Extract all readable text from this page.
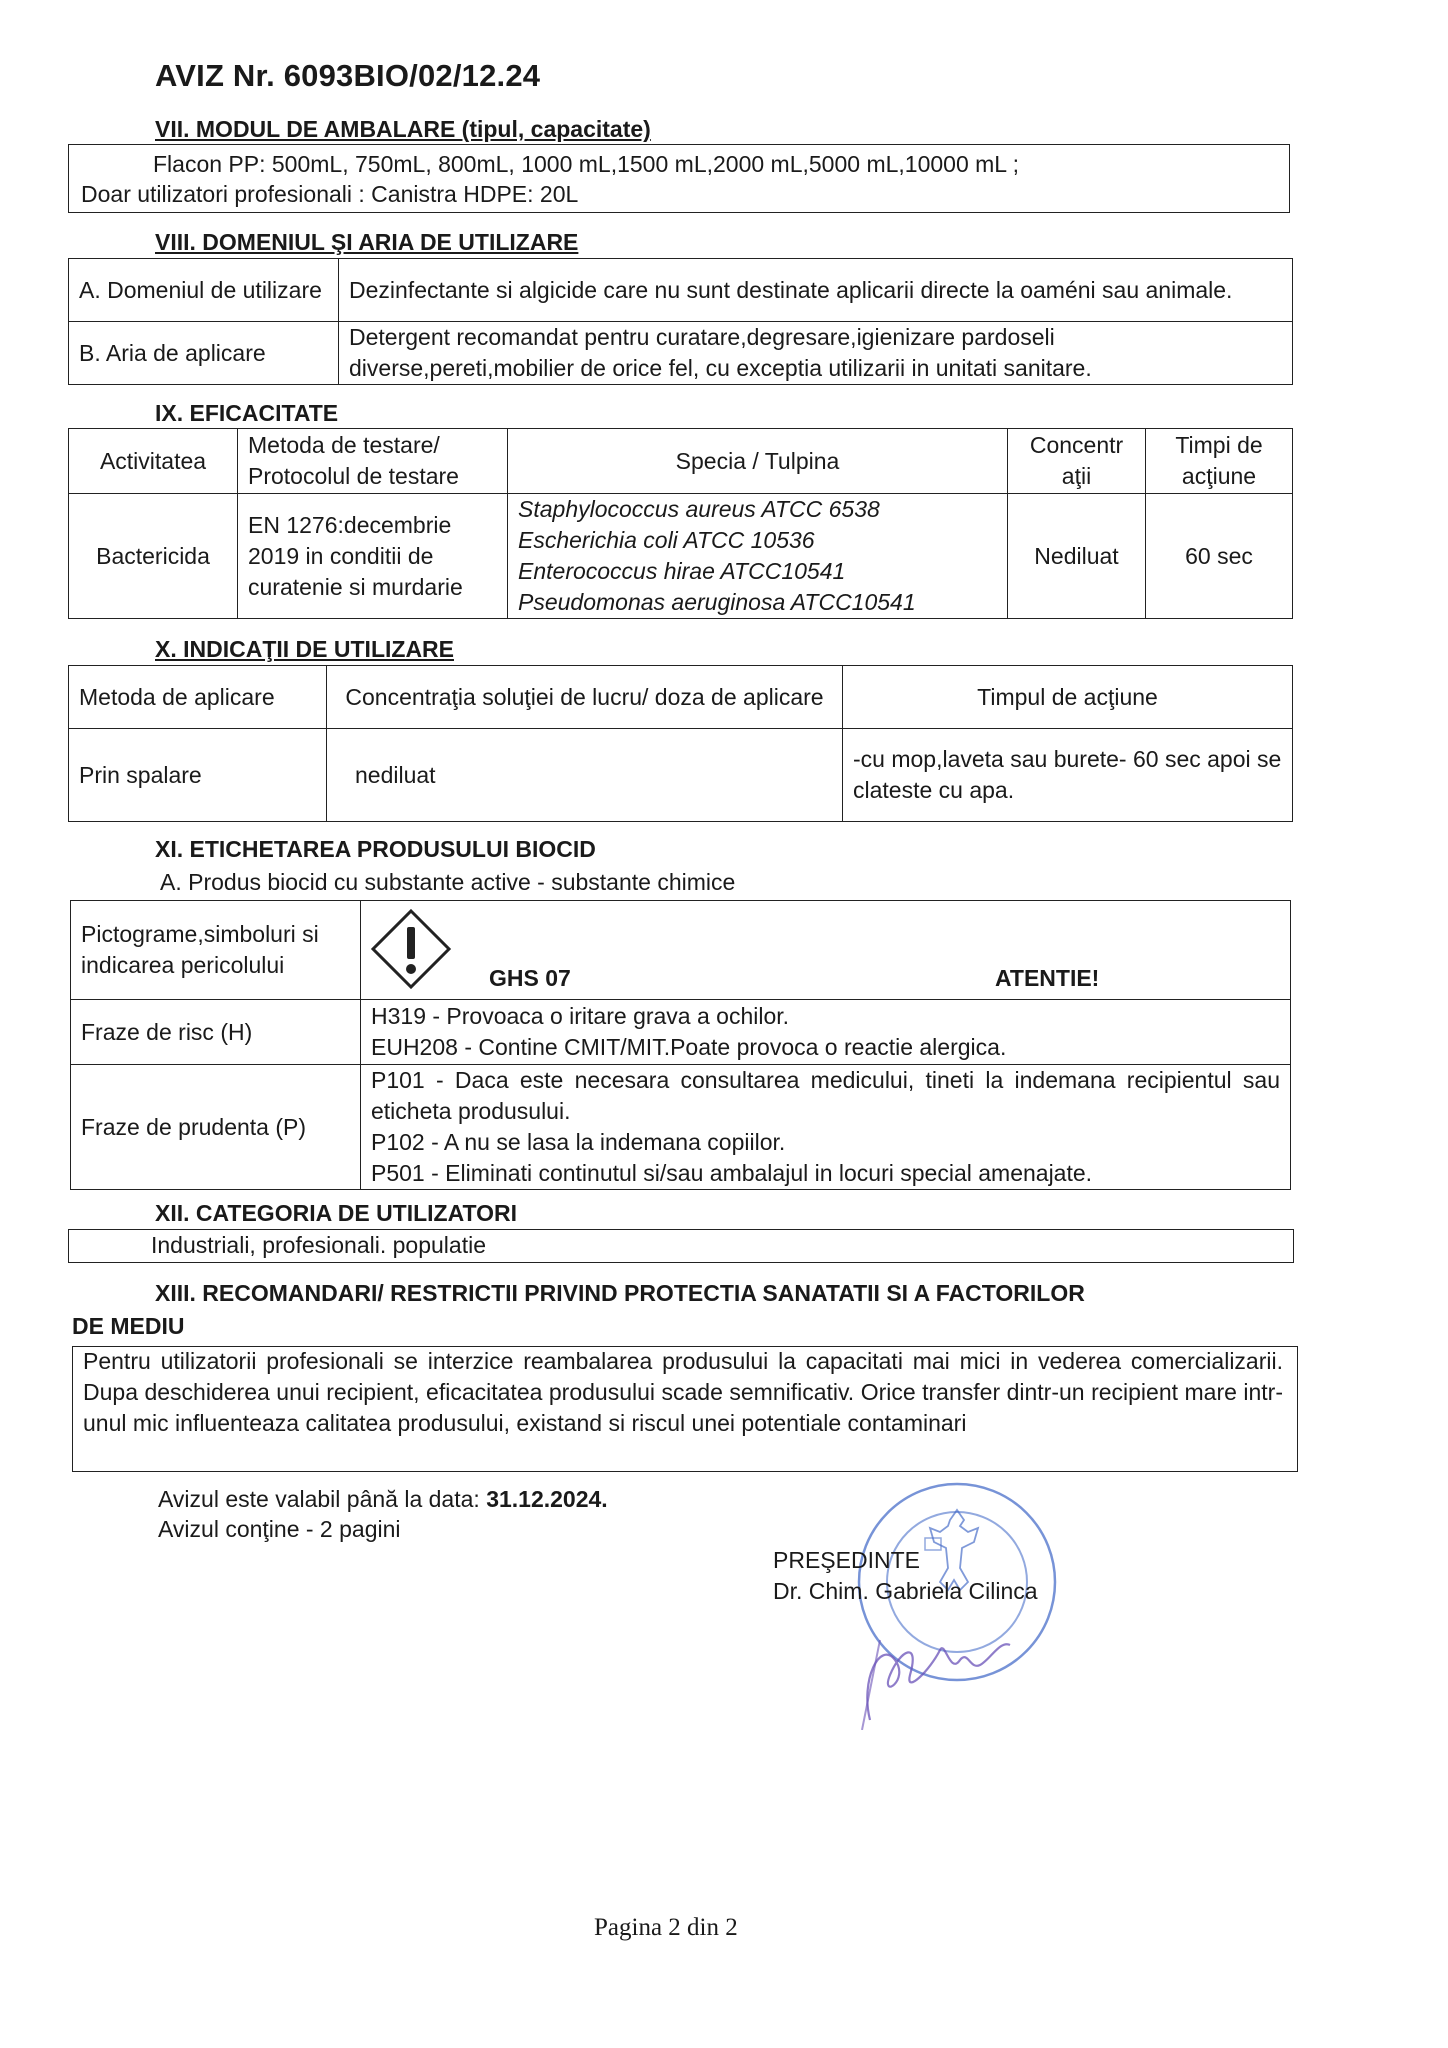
AVIZ Nr. 6093BIO/02/12.24
VII. MODUL DE AMBALARE (tipul, capacitate)
Flacon PP: 500mL, 750mL, 800mL, 1000 mL,1500 mL,2000 mL,5000 mL,10000 mL ;
Doar utilizatori profesionali : Canistra HDPE: 20L
VIII. DOMENIUL ŞI ARIA DE UTILIZARE
A. Domeniul de utilizare	Dezinfectante si algicide care nu sunt destinate aplicarii directe la oaméni sau animale.
B. Aria de aplicare	Detergent recomandat pentru curatare,degresare,igienizare pardoseli diverse,pereti,mobilier de orice fel, cu exceptia utilizarii in unitati sanitare.
IX. EFICACITATE
Activitatea	Metoda de testare/ Protocolul de testare	Specia / Tulpina	Concentr aţii	Timpi de acţiune
Bactericida	EN 1276:decembrie 2019 in conditii de curatenie si murdarie	Staphylococcus aureus ATCC 6538
Escherichia coli ATCC 10536
Enterococcus hirae ATCC10541
Pseudomonas aeruginosa ATCC10541	Nediluat	60 sec
X. INDICAŢII DE UTILIZARE
Metoda de aplicare	Concentraţia soluţiei de lucru/ doza de aplicare	Timpul de acţiune
Prin spalare	nediluat	-cu mop,laveta sau burete- 60 sec apoi se clateste cu apa.
XI. ETICHETAREA PRODUSULUI BIOCID
A. Produs biocid cu substante active - substante chimice
Pictograme,simboluri si indicarea pericolului	GHS 07 ATENTIE!

Fraze de risc (H)	H319 - Provoaca o iritare grava a ochilor.
EUH208 - Contine CMIT/MIT.Poate provoca o reactie alergica.

Fraze de prudenta (P)	P101 - Daca este necesara consultarea medicului, tineti la indemana recipientul sau eticheta produsului.
P102 - A nu se lasa la indemana copiilor.
P501 - Eliminati continutul si/sau ambalajul in locuri special amenajate.
XII. CATEGORIA DE UTILIZATORI
Industriali, profesionali. populatie
XIII. RECOMANDARI/ RESTRICTII PRIVIND PROTECTIA SANATATII SI A FACTORILOR
DE MEDIU
Pentru utilizatorii profesionali se interzice reambalarea produsului la capacitati mai mici in vederea comercializarii. Dupa deschiderea unui recipient, eficacitatea produsului scade semnificativ. Orice transfer dintr-un recipient mare intr-unul mic influenteaza calitatea produsului, existand si riscul unei potentiale contaminari
Avizul este valabil până la data: 31.12.2024.
Avizul conţine - 2 pagini
PREŞEDINTE
Dr. Chim. Gabriela Cilinca
Pagina 2 din 2
